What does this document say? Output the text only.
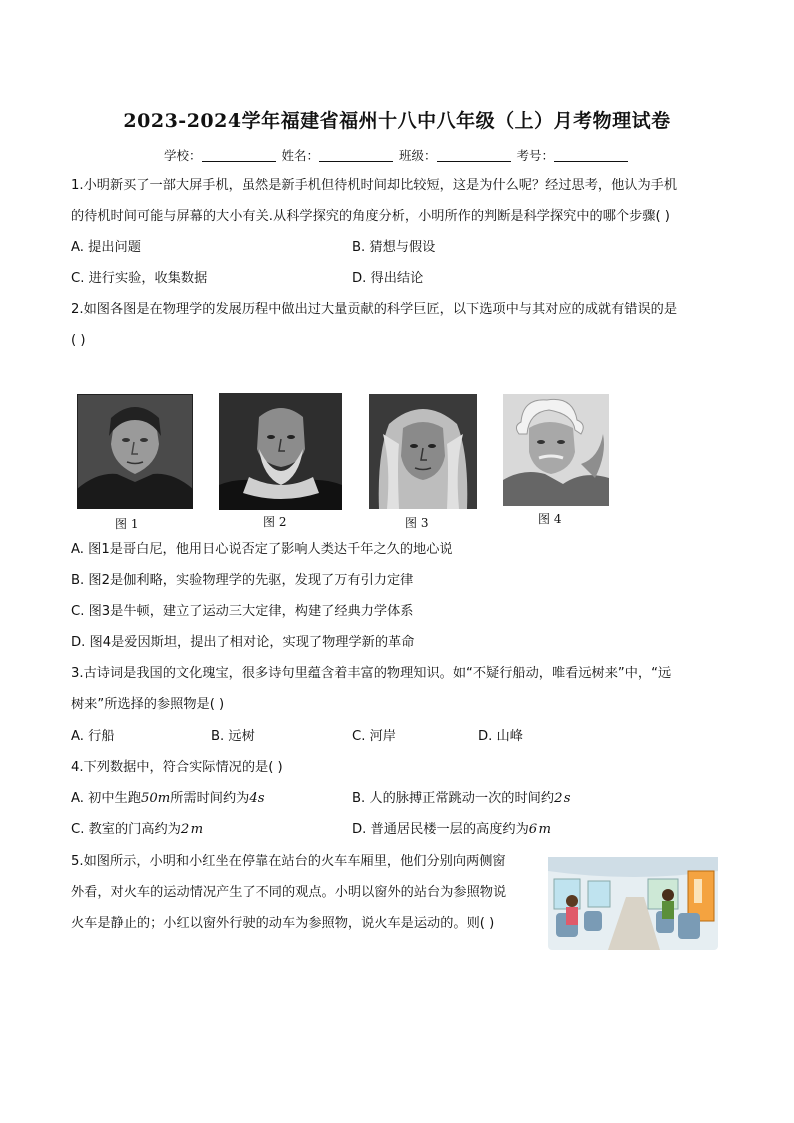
2023-2024学年福建省福州十八中八年级（上）月考物理试卷
学校：	姓名：	班级：	考号：
1.小明新买了一部大屏手机，虽然是新手机但待机时间却比较短，这是为什么呢？经过思考，他认为手机
的待机时间可能与屏幕的大小有关.从科学探究的角度分析，小明所作的判断是科学探究中的哪个步骤( )
A. 提出问题	B. 猜想与假设
C. 进行实验，收集数据	D. 得出结论
2.如图各图是在物理学的发展历程中做出过大量贡献的科学巨匠，以下选项中与其对应的成就有错误的是
( )
图 1	图 2	图 3	图 4
A. 图1是哥白尼，他用日心说否定了影响人类达千年之久的地心说
B. 图2是伽利略，实验物理学的先驱，发现了万有引力定律
C. 图3是牛顿，建立了运动三大定律，构建了经典力学体系
D. 图4是爱因斯坦，提出了相对论，实现了物理学新的革命
3.古诗词是我国的文化瑰宝，很多诗句里蕴含着丰富的物理知识。如“不疑行船动，唯看远树来”中，“远
树来”所选择的参照物是( )
A. 行船	B. 远树	C. 河岸	D. 山峰
4.下列数据中，符合实际情况的是( )
A. 初中生跑50m所需时间约为4s	B. 人的脉搏正常跳动一次的时间约2 s
C. 教室的门高约为2 m	D. 普通居民楼一层的高度约为6 m
5.如图所示，小明和小红坐在停靠在站台的火车车厢里，他们分别向两侧窗
外看，对火车的运动情况产生了不同的观点。小明以窗外的站台为参照物说
火车是静止的；小红以窗外行驶的动车为参照物，说火车是运动的。则( )
